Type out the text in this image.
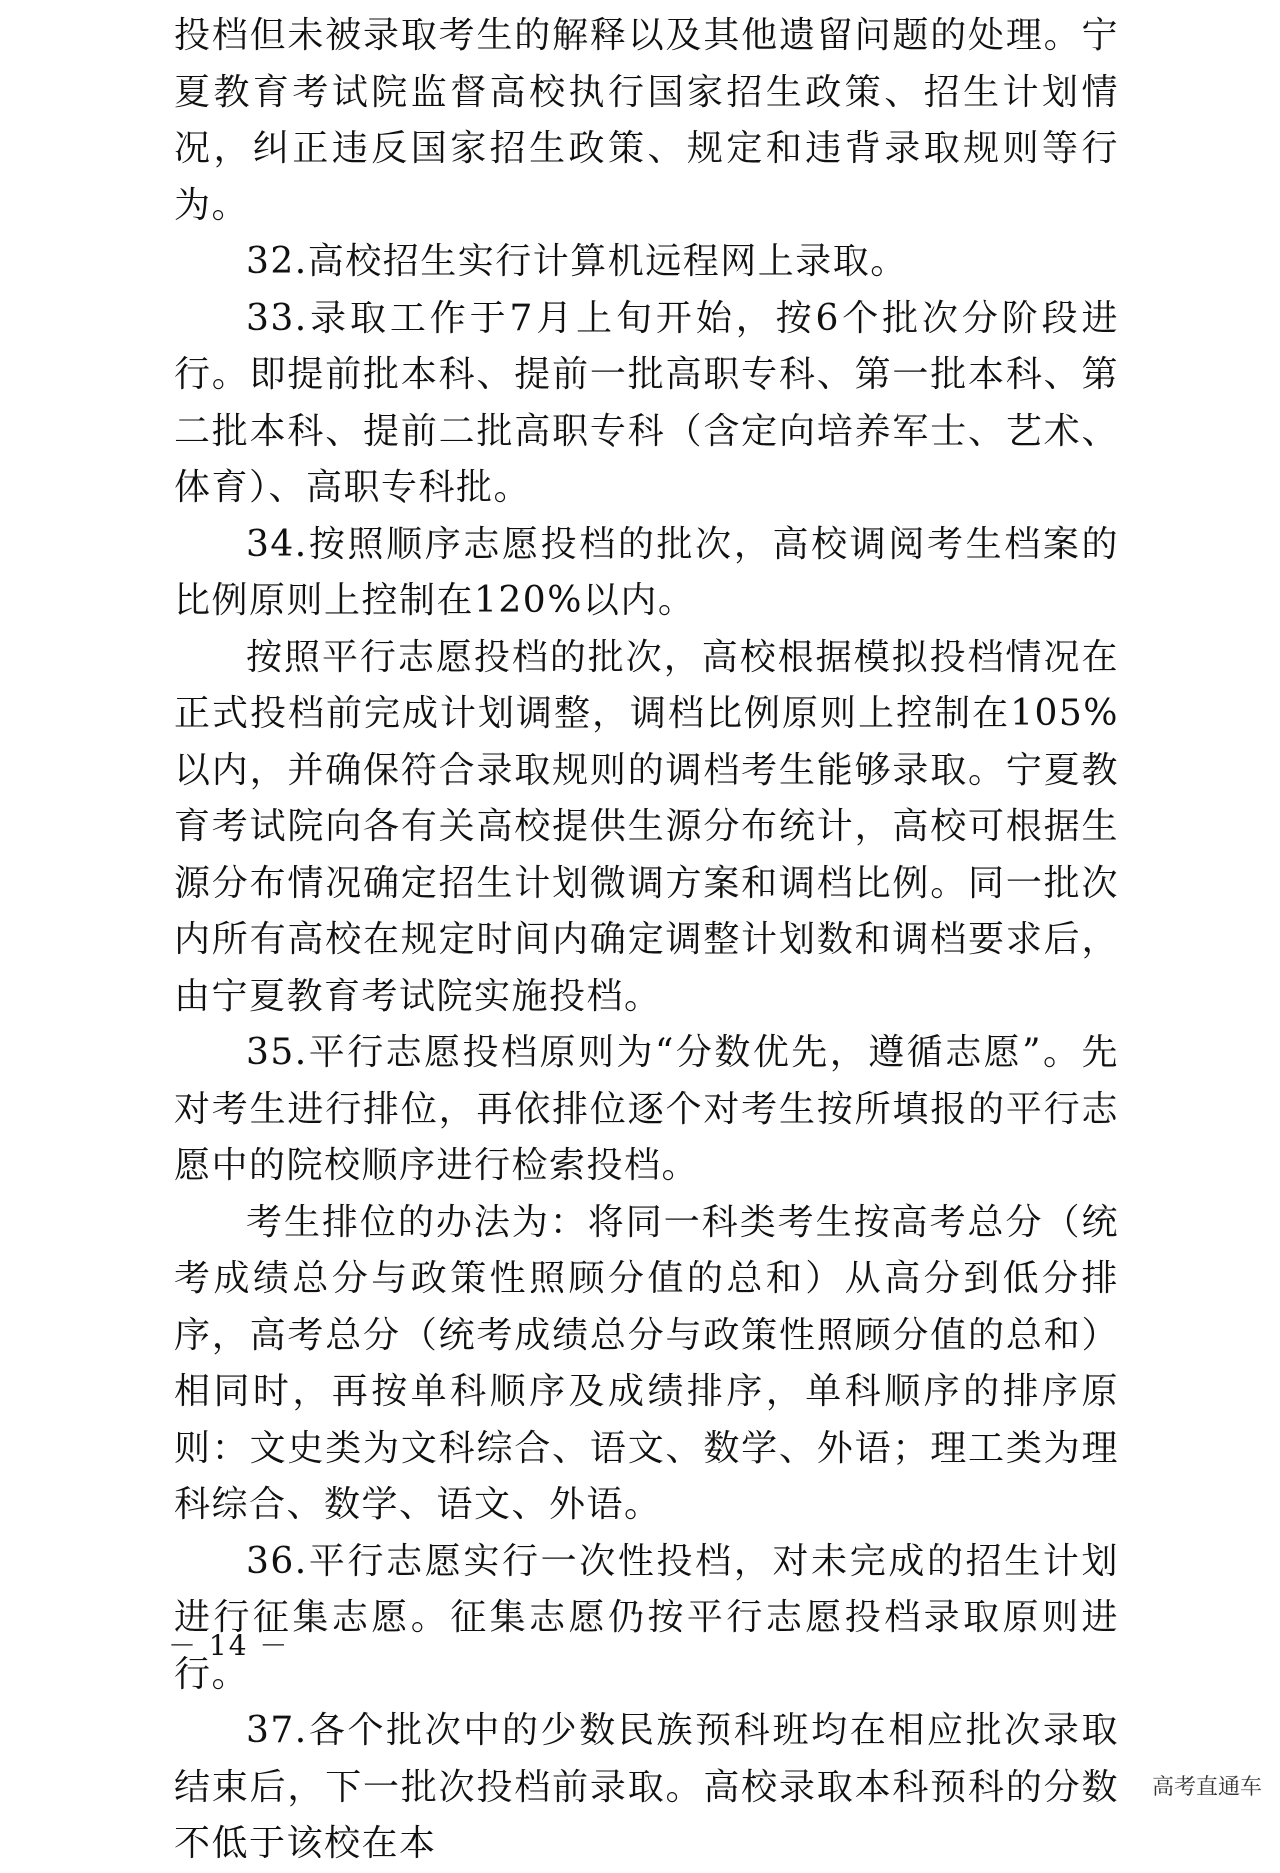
投档但未被录取考生的解释以及其他遗留问题的处理。宁夏教育考试院监督高校执行国家招生政策、招生计划情况，纠正违反国家招生政策、规定和违背录取规则等行为。

32.高校招生实行计算机远程网上录取。

33.录取工作于7月上旬开始，按6个批次分阶段进行。即提前批本科、提前一批高职专科、第一批本科、第二批本科、提前二批高职专科（含定向培养军士、艺术、体育）、高职专科批。

34.按照顺序志愿投档的批次，高校调阅考生档案的比例原则上控制在120%以内。

按照平行志愿投档的批次，高校根据模拟投档情况在正式投档前完成计划调整，调档比例原则上控制在105%以内，并确保符合录取规则的调档考生能够录取。宁夏教育考试院向各有关高校提供生源分布统计，高校可根据生源分布情况确定招生计划微调方案和调档比例。同一批次内所有高校在规定时间内确定调整计划数和调档要求后，由宁夏教育考试院实施投档。

35.平行志愿投档原则为“分数优先，遵循志愿”。先对考生进行排位，再依排位逐个对考生按所填报的平行志愿中的院校顺序进行检索投档。

考生排位的办法为：将同一科类考生按高考总分（统考成绩总分与政策性照顾分值的总和）从高分到低分排序，高考总分（统考成绩总分与政策性照顾分值的总和）相同时，再按单科顺序及成绩排序，单科顺序的排序原则：文史类为文科综合、语文、数学、外语；理工类为理科综合、数学、语文、外语。

36.平行志愿实行一次性投档，对未完成的招生计划进行征集志愿。征集志愿仍按平行志愿投档录取原则进行。

37.各个批次中的少数民族预科班均在相应批次录取结束后，下一批次投档前录取。高校录取本科预科的分数不低于该校在本

－ 14 －
高考直通车
